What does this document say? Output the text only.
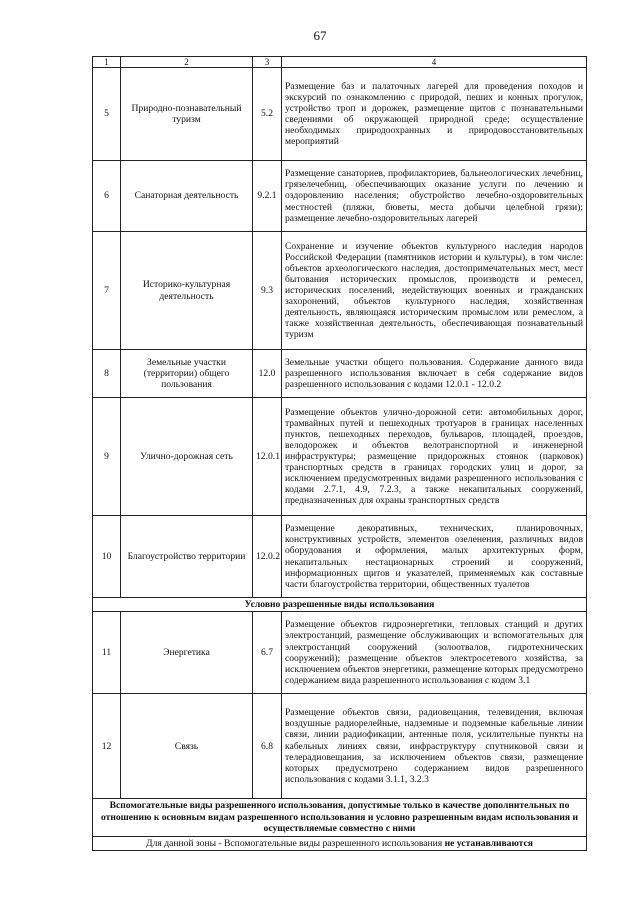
67
1	2	3	4
5	Природно-познавательный туризм	5.2	Размещение баз и палаточных лагерей для проведения походов и экскурсий по ознакомлению с природой, пеших и конных прогулок, устройство троп и дорожек, размещение щитов с познавательными сведениями об окружающей природной среде; осуществление необходимых природоохранных и природовосстановительных мероприятий
6	Санаторная деятельность	9.2.1	Размещение санаториев, профилакториев, бальнеологических лечебниц, грязелечебниц, обеспечивающих оказание услуги по лечению и оздоровлению населения; обустройство лечебно-оздоровительных местностей (пляжи, бюветы, места добычи целебной грязи); размещение лечебно-оздоровительных лагерей
7	Историко-культурная деятельность	9.3	Сохранение и изучение объектов культурного наследия народов Российской Федерации (памятников истории и культуры), в том числе: объектов археологического наследия, достопримечательных мест, мест бытования исторических промыслов, производств и ремесел, исторических поселений, недействующих военных и гражданских захоронений, объектов культурного наследия, хозяйственная деятельность, являющаяся историческим промыслом или ремеслом, а также хозяйственная деятельность, обеспечивающая познавательный туризм
8	Земельные участки (территории) общего пользования	12.0	Земельные участки общего пользования. Содержание данного вида разрешенного использования включает в себя содержание видов разрешенного использования с кодами 12.0.1 - 12.0.2
9	Улично-дорожная сеть	12.0.1	Размещение объектов улично-дорожной сети: автомобильных дорог, трамвайных путей и пешеходных тротуаров в границах населенных пунктов, пешеходных переходов, бульваров, площадей, проездов, велодорожек и объектов велотранспортной и инженерной инфраструктуры; размещение придорожных стоянок (парковок) транспортных средств в границах городских улиц и дорог, за исключением предусмотренных видами разрешенного использования с кодами 2.7.1, 4.9, 7.2.3, а также некапитальных сооружений, предназначенных для охраны транспортных средств
10	Благоустройство территории	12.0.2	Размещение декоративных, технических, планировочных, конструктивных устройств, элементов озеленения, различных видов оборудования и оформления, малых архитектурных форм, некапитальных нестационарных строений и сооружений, информационных щитов и указателей, применяемых как составные части благоустройства территории, общественных туалетов
Условно разрешенные виды использования			
11	Энергетика	6.7	Размещение объектов гидроэнергетики, тепловых станций и других электростанций, размещение обслуживающих и вспомогательных для электростанций сооружений (золоотвалов, гидротехнических сооружений); размещение объектов электросетевого хозяйства, за исключением объектов энергетики, размещение которых предусмотрено содержанием вида разрешенного использования с кодом 3.1
12	Связь	6.8	Размещение объектов связи, радиовещания, телевидения, включая воздушные радиорелейные, надземные и подземные кабельные линии связи, линии радиофикации, антенные поля, усилительные пункты на кабельных линиях связи, инфраструктуру спутниковой связи и телерадиовещания, за исключением объектов связи, размещение которых предусмотрено содержанием видов разрешенного использования с кодами 3.1.1, 3.2.3
Вспомогательные виды разрешенного использования, допустимые только в качестве дополнительных по отношению к основным видам разрешенного использования и условно разрешенным видам использования и осуществляемые совместно с ними			
Для данной зоны - Вспомогательные виды разрешенного использования не устанавливаются			
